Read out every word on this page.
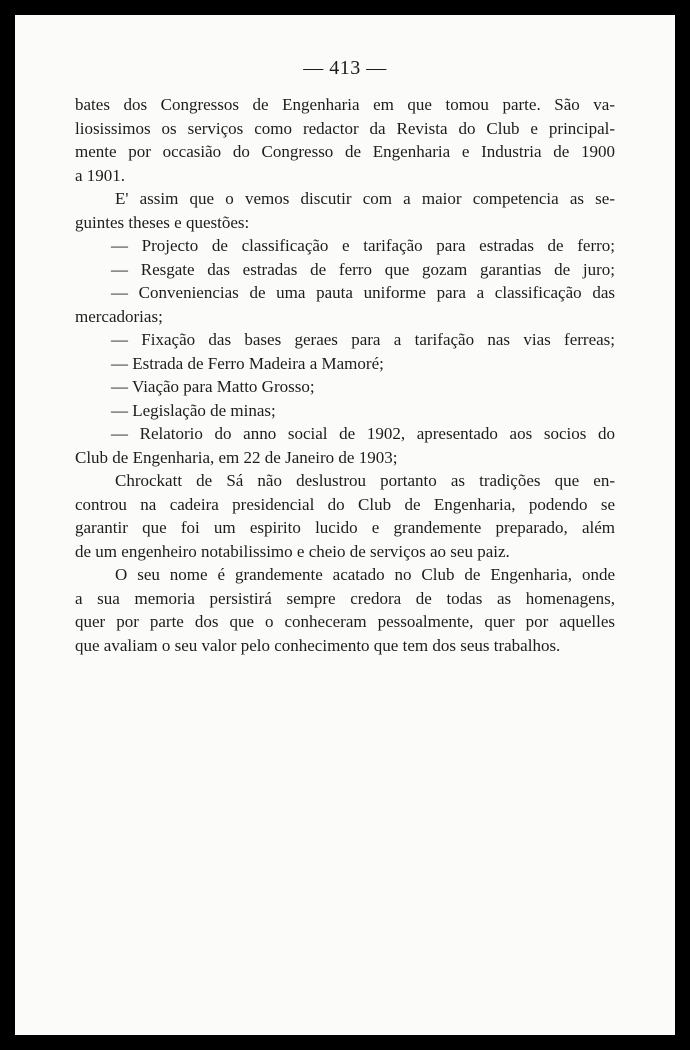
— 413 —
bates dos Congressos de Engenharia em que tomou parte. São va-
liosissimos os serviços como redactor da Revista do Club e principal-
mente por occasião do Congresso de Engenharia e Industria de 1900
a 1901.
E' assim que o vemos discutir com a maior competencia as se-
guintes theses e questões:
— Projecto de classificação e tarifação para estradas de ferro;
— Resgate das estradas de ferro que gozam garantias de juro;
— Conveniencias de uma pauta uniforme para a classificação das
mercadorias;
— Fixação das bases geraes para a tarifação nas vias ferreas;
— Estrada de Ferro Madeira a Mamoré;
— Viação para Matto Grosso;
— Legislação de minas;
— Relatorio do anno social de 1902, apresentado aos socios do
Club de Engenharia, em 22 de Janeiro de 1903;
Chrockatt de Sá não deslustrou portanto as tradições que en-
controu na cadeira presidencial do Club de Engenharia, podendo se
garantir que foi um espirito lucido e grandemente preparado, além
de um engenheiro notabilissimo e cheio de serviços ao seu paiz.
O seu nome é grandemente acatado no Club de Engenharia, onde
a sua memoria persistirá sempre credora de todas as homenagens,
quer por parte dos que o conheceram pessoalmente, quer por aquelles
que avaliam o seu valor pelo conhecimento que tem dos seus trabalhos.
